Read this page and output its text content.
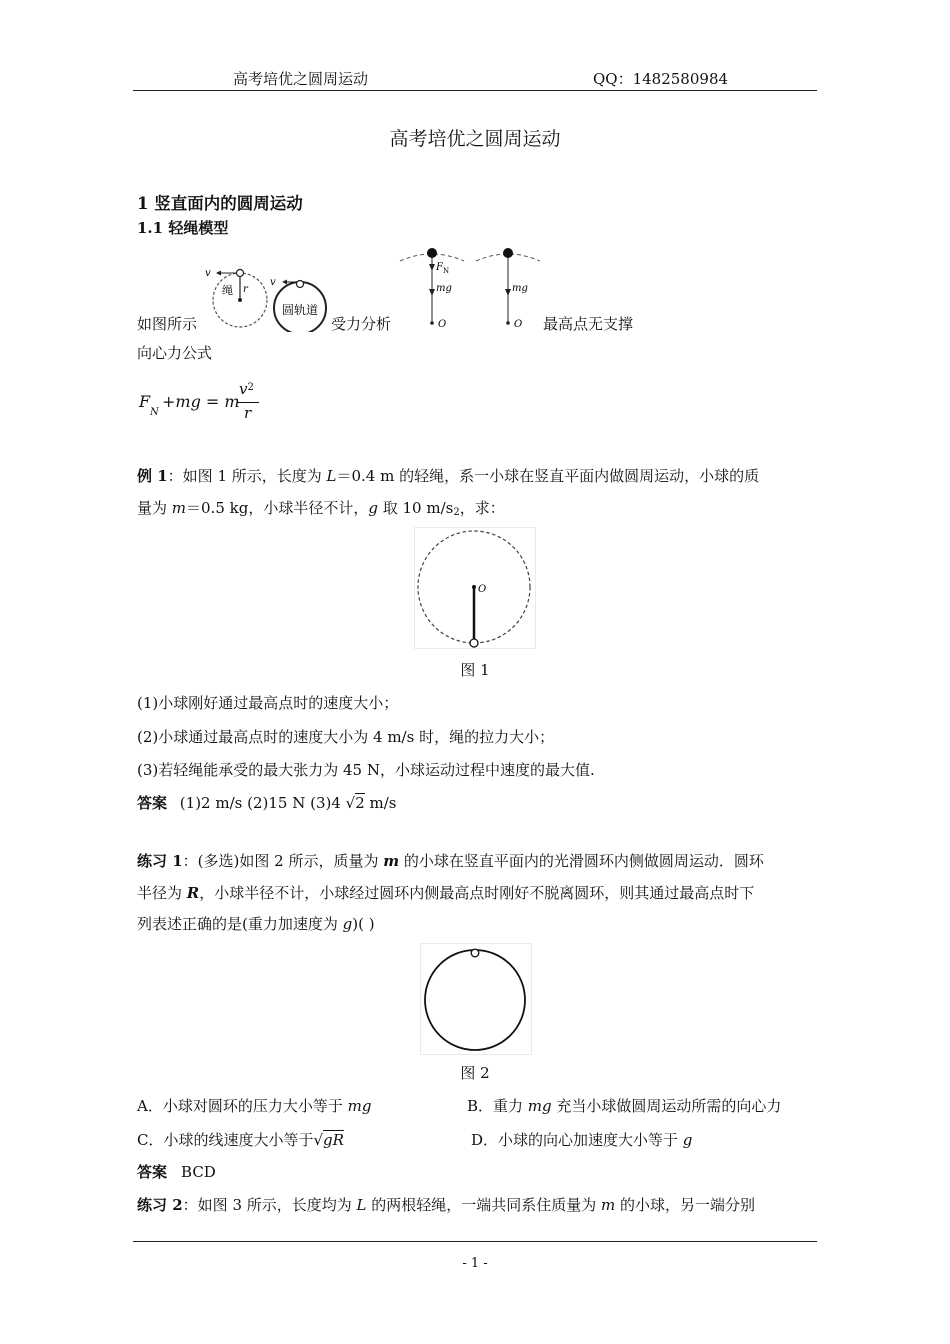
高考培优之圆周运动	QQ：1482580984
高考培优之圆周运动
1 竖直面内的圆周运动
1.1 轻绳模型
v
绳 r
v
圆轨道
如图所示	受力分析
$F_N$
mg
O
mg
O 最高点无支撑
向心力公式
F
N
+mg = m
$v^2$
r
例 1：如图 1 所示，长度为 L＝0.4 m 的轻绳，系一小球在竖直平面内做圆周运动，小球的质
量为 m＝0.5 kg，小球半径不计，g 取 10 m/s2，求：
O
图 1
(1)小球刚好通过最高点时的速度大小；
(2)小球通过最高点时的速度大小为 4 m/s 时，绳的拉力大小；
(3)若轻绳能承受的最大张力为 45 N，小球运动过程中速度的最大值.
答案 (1)2 m/s (2)15 N (3)4 √2 m/s
练习 1：(多选)如图 2 所示，质量为 m 的小球在竖直平面内的光滑圆环内侧做圆周运动．圆环
半径为 R，小球半径不计，小球经过圆环内侧最高点时刚好不脱离圆环，则其通过最高点时下
列表述正确的是(重力加速度为 g)( )
图 2
A．小球对圆环的压力大小等于 mg	B．重力 mg 充当小球做圆周运动所需的向心力
C．小球的线速度大小等于√gR	D．小球的向心加速度大小等于 g
答案 BCD
练习 2：如图 3 所示，长度均为 L 的两根轻绳，一端共同系住质量为 m 的小球，另一端分别
- 1 -
